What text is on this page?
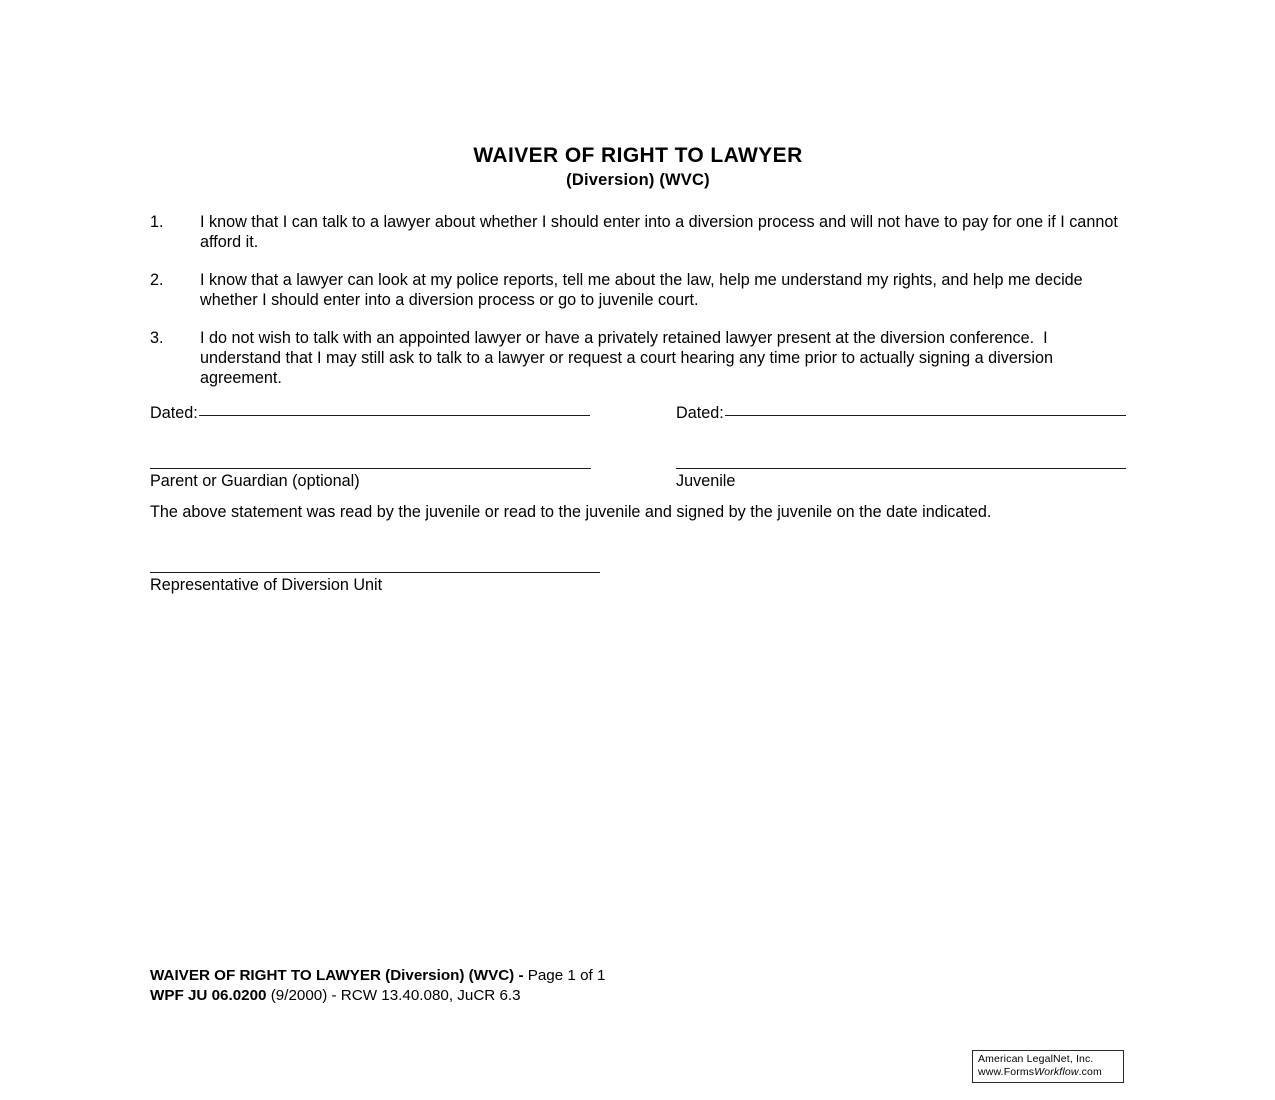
WAIVER OF RIGHT TO LAWYER
(Diversion) (WVC)
1.	I know that I can talk to a lawyer about whether I should enter into a diversion process and will not have to pay for one if I cannot afford it.
2.	I know that a lawyer can look at my police reports, tell me about the law, help me understand my rights, and help me decide whether I should enter into a diversion process or go to juvenile court.
3.	I do not wish to talk with an appointed lawyer or have a privately retained lawyer present at the diversion conference.  I understand that I may still ask to talk to a lawyer or request a court hearing any time prior to actually signing a diversion agreement.
Dated:	Dated:
Parent or Guardian (optional)	Juvenile
The above statement was read by the juvenile or read to the juvenile and signed by the juvenile on the date indicated.
Representative of Diversion Unit
WAIVER OF RIGHT TO LAWYER (Diversion) (WVC) - Page 1 of 1
WPF JU 06.0200 (9/2000) - RCW 13.40.080, JuCR 6.3
American LegalNet, Inc.
www.FormsWorkflow.com
